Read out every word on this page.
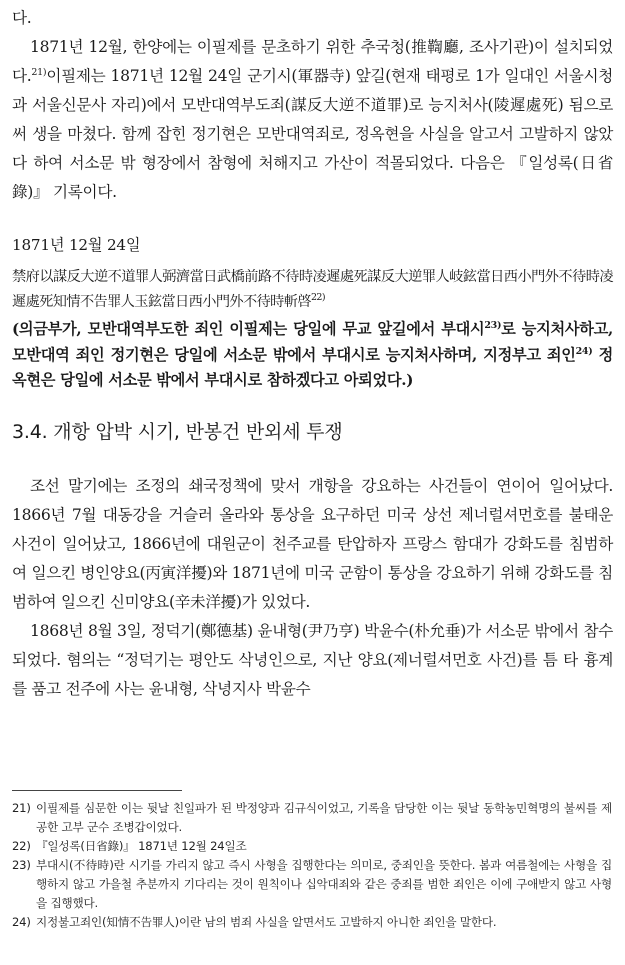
다.

1871년 12월, 한양에는 이필제를 문초하기 위한 추국청(推鞫廳, 조사기관)이 설치되었다.$^{21)}$이필제는 1871년 12월 24일 군기시(軍器寺) 앞길(현재 태평로 1가 일대인 서울시청과 서울신문사 자리)에서 모반대역부도죄(謀反大逆不道罪)로 능지처사(陵遲處死) 됨으로써 생을 마쳤다. 함께 잡힌 정기현은 모반대역죄로, 정옥현을 사실을 알고서 고발하지 않았다 하여 서소문 밖 형장에서 참형에 처해지고 가산이 적몰되었다. 다음은 『일성록(日省錄)』 기록이다.

1871년 12월 24일

禁府以謀反大逆不道罪人弼濟當日武橋前路不待時凌遲處死謀反大逆罪人岐鉉當日西小門外不待時凌遲處死知情不告罪人玉鉉當日西小門外不待時斬啓$^{22)}$

(의금부가, 모반대역부도한 죄인 이필제는 당일에 무교 앞길에서 부대시$^{23)}$로 능지처사하고, 모반대역 죄인 정기현은 당일에 서소문 밖에서 부대시로 능지처사하며, 지정부고 죄인$^{24)}$ 정옥현은 당일에 서소문 밖에서 부대시로 참하겠다고 아뢰었다.)

3.4. 개항 압박 시기, 반봉건 반외세 투쟁

조선 말기에는 조정의 쇄국정책에 맞서 개항을 강요하는 사건들이 연이어 일어났다. 1866년 7월 대동강을 거슬러 올라와 통상을 요구하던 미국 상선 제너럴셔먼호를 불태운 사건이 일어났고, 1866년에 대원군이 천주교를 탄압하자 프랑스 함대가 강화도를 침범하여 일으킨 병인양요(丙寅洋擾)와 1871년에 미국 군함이 통상을 강요하기 위해 강화도를 침범하여 일으킨 신미양요(辛未洋擾)가 있었다.

1868년 8월 3일, 정덕기(鄭德基) 윤내형(尹乃亨) 박윤수(朴允垂)가 서소문 밖에서 참수되었다. 혐의는 “정덕기는 평안도 삭녕인으로, 지난 양요(제너럴셔먼호 사건)를 틈 타 흉계를 품고 전주에 사는 윤내형, 삭녕지사 박윤수

21) 이필제를 심문한 이는 뒷날 친일파가 된 박정양과 김규식이었고, 기록을 담당한 이는 뒷날 동학농민혁명의 불씨를 제공한 고부 군수 조병갑이었다.
22) 『일성록(日省錄)』 1871년 12월 24일조
23) 부대시(不待時)란 시기를 가리지 않고 즉시 사형을 집행한다는 의미로, 중죄인을 뜻한다. 봄과 여름철에는 사형을 집행하지 않고 가을철 추분까지 기다리는 것이 원칙이나 십악대죄와 같은 중죄를 범한 죄인은 이에 구애받지 않고 사형을 집행했다.
24) 지정불고죄인(知情不告罪人)이란 남의 범죄 사실을 알면서도 고발하지 아니한 죄인을 말한다.
